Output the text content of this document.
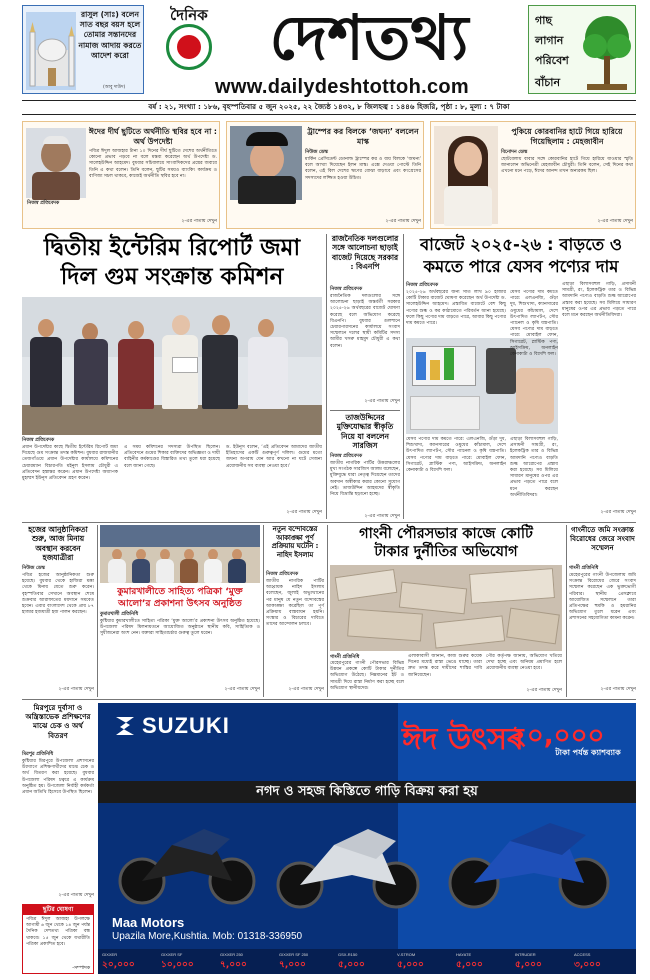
রাসুল (সাঃ) বলেন সাত বছর বয়স হলে তোমার সন্তানদের নামাজ আদায় করতে আদেশ করো
(আবু দাউদ)
দৈনিক দেশতথ্য
www.dailydeshtottoh.com
গাছ
লাগান
পরিবেশ
বাঁচান
বর্ষ : ২১, সংখ্যা : ১৮৬, বৃহস্পতিবার ৫ জুন ২০২৫, ২২ জ্যৈষ্ঠ ১৪৩২, ৮ জিলহজ্ব : ১৪৪৬ হিজরি, পৃষ্ঠা : ৮, মূল্য : ৭ টাকা
ঈদের দীর্ঘ ছুটিতে অর্থনীতি স্থবির হবে না : অর্থ উপদেষ্টা
নিজস্ব প্রতিবেদক
পবিত্র ঈদুল আজহার টানা ১০ দিনের দীর্ঘ ছুটিতে দেশের অর্থনীতিতে কোনো প্রভাব পড়বে না বলে মন্তব্য করেছেন অর্থ উপদেষ্টা ড. সালেহউদ্দিন আহমেদ। বুধবার সচিবালয়ে সাংবাদিকদের প্রশ্নের জবাবে তিনি এ কথা বলেন। তিনি বলেন, ছুটির সময়ও ব্যাংকিং কার্যক্রম ও বাণিজ্য সচল থাকবে, কাজেই অর্থনীতি স্থবির হবে না।
২-এর পাতায় দেখুন
ট্রাম্পের কর বিলকে ‘জঘন্য’ বললেন মাস্ক
নিউজ ডেস্ক
মার্কিন প্রেসিডেন্ট ডোনাল্ড ট্রাম্পের কর ও ব্যয় বিলকে ‘জঘন্য’ বলে আখ্যা দিয়েছেন ইলন মাস্ক। এক্সে দেওয়া পোস্টে তিনি বলেন, এই বিল দেশের ঋণের বোঝা বাড়াবে এবং কংগ্রেসের সদস্যদের লজ্জিত হওয়া উচিত।
২-এর পাতায় দেখুন
পুকিয়ে কোরবানির হাটে গিয়ে হারিয়ে গিয়েছিলাম : মেহজাবীন
বিনোদন ডেস্ক
ছোটবেলায় বাবার সঙ্গে কোরবানির হাটে গিয়ে হারিয়ে যাওয়ার স্মৃতি জানালেন অভিনেত্রী মেহজাবীন চৌধুরী। তিনি বলেন, সেই দিনের কথা এখনো মনে পড়ে, ঈদের আনন্দ তখন অন্যরকম ছিল।
২-এর পাতায় দেখুন
দ্বিতীয় ইন্টেরিম রিপোর্ট জমা
দিল গুম সংক্রান্ত কমিশন
নিজস্ব প্রতিবেদক
প্রধান উপদেষ্টার কাছে দ্বিতীয় ইন্টেরিম রিপোর্ট জমা দিয়েছে গুম সংক্রান্ত তদন্ত কমিশন। বুধবার রাজধানীর তেজগাঁওয়ে প্রধান উপদেষ্টার কার্যালয়ে কমিশনের চেয়ারম্যান বিচারপতি মইনুল ইসলাম চৌধুরী এ প্রতিবেদন হস্তান্তর করেন। প্রধান উপদেষ্টা অধ্যাপক মুহাম্মদ ইউনূস প্রতিবেদন গ্রহণ করেন।
এ সময় কমিশনের সদস্যরা উপস্থিত ছিলেন। প্রতিবেদনে গুমের শিকার ব্যক্তিদের অভিজ্ঞতা ও দায়ী বাহিনীর কর্মকাণ্ডের বিস্তারিত তথ্য তুলে ধরা হয়েছে বলে জানা গেছে।
ড. ইউনূস বলেন, ‘এই প্রতিবেদন আমাদের জাতীয় ইতিহাসের একটি গুরুত্বপূর্ণ দলিল। গুমের মতো জঘন্য অপরাধ যেন আর কখনো না ঘটে সেজন্য প্রয়োজনীয় সব ব্যবস্থা নেওয়া হবে।’
২-এর পাতায় দেখুন
রাজনৈতিক দলগুলোর সঙ্গে আলোচনা ছাড়াই বাজেট দিয়েছে সরকার : বিএনপি
নিজস্ব প্রতিবেদক
রাজনৈতিক দলগুলোর সঙ্গে আলোচনা ছাড়াই অন্তর্বর্তী সরকার ২০২৫-২৬ অর্থবছরের বাজেট ঘোষণা করেছে বলে অভিযোগ করেছে বিএনপি। বুধবার গুলশানে চেয়ারপারসনের কার্যালয়ে সংবাদ সম্মেলনে দলের স্থায়ী কমিটির সদস্য আমীর খসরু মাহমুদ চৌধুরী এ কথা বলেন।
২-এর পাতায় দেখুন
তাজউদ্দিনের মুক্তিযোদ্ধার স্বীকৃতি নিয়ে যা বললেন সারজিস
নিজস্ব প্রতিবেদক
জাতীয় নাগরিক পার্টির উত্তরাঞ্চলের মুখ্য সংগঠক সারজিস আলম বলেছেন, মুক্তিযুদ্ধে যারা নেতৃত্ব দিয়েছেন তাদের অবদান অস্বীকার করার কোনো সুযোগ নেই। তাজউদ্দিন আহমদের স্বীকৃতি নিয়ে বিভ্রান্তি ছড়ানো হচ্ছে।
২-এর পাতায় দেখুন
বাজেট ২০২৫-২৬ : বাড়তে ও
কমতে পারে যেসব পণ্যের দাম
নিজস্ব প্রতিবেদক
২০২৫-২৬ অর্থবছরের জন্য সাত লাখ ৯০ হাজার কোটি টাকার বাজেট ঘোষণা করেছেন অর্থ উপদেষ্টা ড. সালেহউদ্দিন আহমেদ। প্রস্তাবিত বাজেটে বেশ কিছু পণ্যের শুল্ক ও কর কাঠামোতে পরিবর্তন আনা হয়েছে। ফলে কিছু পণ্যের দাম বাড়তে পারে, আবার কিছু পণ্যের দাম কমতে পারে।
যেসব পণ্যের দাম কমতে পারে: এলএনজি, গুঁড়া দুধ, শিশুখাদ্য, ক্যানসারের ওষুধের কাঁচামাল, দেশে উৎপাদিত ল্যাপটপ, সৌর প্যানেল ও কৃষি যন্ত্রপাতি। যেসব পণ্যের দাম বাড়তে পারে: মোবাইল ফোন, সিগারেট, প্লাস্টিক পণ্য, আইসক্রিম, অনলাইন কেনাকাটা ও বিদেশি ফল।
এছাড়া বিলাসবহুল গাড়ি, প্রসাধনী সামগ্রী, রং, ইলেকট্রিক তার ও বিভিন্ন আমদানি পণ্যেও বাড়তি শুল্ক আরোপের প্রস্তাব করা হয়েছে। সব মিলিয়ে সাধারণ মানুষের ওপর এর প্রভাব পড়তে পারে বলে মনে করছেন অর্থনীতিবিদরা।
যেসব পণ্যের দাম কমতে পারে: এলএনজি, গুঁড়া দুধ, শিশুখাদ্য, ক্যানসারের ওষুধের কাঁচামাল, দেশে উৎপাদিত ল্যাপটপ, সৌর প্যানেল ও কৃষি যন্ত্রপাতি। যেসব পণ্যের দাম বাড়তে পারে: মোবাইল ফোন, সিগারেট, প্লাস্টিক পণ্য, আইসক্রিম, অনলাইন কেনাকাটা ও বিদেশি ফল।
এছাড়া বিলাসবহুল গাড়ি, প্রসাধনী সামগ্রী, রং, ইলেকট্রিক তার ও বিভিন্ন আমদানি পণ্যেও বাড়তি শুল্ক আরোপের প্রস্তাব করা হয়েছে। সব মিলিয়ে সাধারণ মানুষের ওপর এর প্রভাব পড়তে পারে বলে মনে করছেন অর্থনীতিবিদরা।
২-এর পাতায় দেখুন
হজের আনুষ্ঠানিকতা শুরু, আজ মিনায় অবস্থান করবেন হজযাত্রীরা
নিউজ ডেস্ক
পবিত্র হজের আনুষ্ঠানিকতা শুরু হয়েছে। বুধবার থেকে হাজিরা মক্কা থেকে মিনায় যেতে শুরু করেন। বৃহস্পতিবার সেখানে অবস্থান শেষে শুক্রবার আরাফাতের ময়দানে সমবেত হবেন। এবার বাংলাদেশ থেকে প্রায় ৮৭ হাজার হজযাত্রী হজ পালন করছেন।
২-এর পাতায় দেখুন
কুমারখালীতে সাহিত্য পত্রিকা ‘মুক্ত আলো’র প্রকাশনা উৎসব অনুষ্ঠিত
কুমারখালী প্রতিনিধি
কুষ্টিয়ার কুমারখালীতে সাহিত্য পত্রিকা ‘মুক্ত আলো’র প্রকাশনা উৎসব অনুষ্ঠিত হয়েছে। উপজেলা পরিষদ মিলনায়তনে আয়োজিত অনুষ্ঠানে স্থানীয় কবি, সাহিত্যিক ও সুধীজনেরা অংশ নেন। বক্তারা সাহিত্যচর্চার গুরুত্ব তুলে ধরেন।
২-এর পাতায় দেখুন
নতুন বন্দোবস্তের আকাঙ্ক্ষা পূর্ণ প্রক্রিয়ায় ঘটেনি : নাহিদ ইসলাম
নিজস্ব প্রতিবেদক
জাতীয় নাগরিক পার্টির আহ্বায়ক নাহিদ ইসলাম বলেছেন, জুলাই অভ্যুত্থানের পর মানুষ যে নতুন বন্দোবস্তের আকাঙ্ক্ষা করেছিল তা পূর্ণ প্রক্রিয়ায় বাস্তবায়ন হয়নি। সংস্কার ও বিচারের দাবিতে তাদের আন্দোলন চলবে।
২-এর পাতায় দেখুন
গাংনী পৌরসভার কাজে কোটি
টাকার দুর্নীতির অভিযোগ
গাংনী প্রতিনিধি
মেহেরপুরের গাংনী পৌরসভার বিভিন্ন উন্নয়ন প্রকল্পে কোটি টাকার দুর্নীতির অভিযোগ উঠেছে। নিম্নমানের ইট ও সামগ্রী দিয়ে রাস্তা নির্মাণ করা হচ্ছে বলে অভিযোগ স্থানীয়দের।
এলাকাবাসী জানান, কাজ শুরুর কয়েক দিনের মধ্যেই রাস্তা ভেঙে যাচ্ছে। তারা দ্রুত তদন্ত করে দায়ীদের শাস্তির দাবি জানিয়েছেন।
পৌর কর্তৃপক্ষ জানায়, অভিযোগ খতিয়ে দেখা হচ্ছে এবং অনিয়ম প্রমাণিত হলে প্রয়োজনীয় ব্যবস্থা নেওয়া হবে।
২-এর পাতায় দেখুন
গাংনীতে জমি সংক্রান্ত বিরোধের জেরে সংবাদ সম্মেলন
গাংনী প্রতিনিধি
মেহেরপুরের গাংনী উপজেলায় জমি সংক্রান্ত বিরোধের জেরে সংবাদ সম্মেলন করেছেন এক ভুক্তভোগী পরিবার। স্থানীয় প্রেসক্লাবে আয়োজিত সম্মেলনে তারা প্রতিপক্ষের হুমকি ও হয়রানির অভিযোগ তুলে ধরেন এবং প্রশাসনের সহযোগিতা কামনা করেন।
২-এর পাতায় দেখুন
মিরপুরে দুর্বাসা ও অন্ত্রিস্তাভেক প্রশিক্ষণের মাঝে চেক ও অর্থ বিতরণ
মিরপুর প্রতিনিধি
কুষ্টিয়ার মিরপুরে উপজেলা প্রশাসনের উদ্যোগে প্রশিক্ষণার্থীদের মাঝে চেক ও অর্থ বিতরণ করা হয়েছে। বুধবার উপজেলা পরিষদ চত্বরে এ কার্যক্রম অনুষ্ঠিত হয়। উপজেলা নির্বাহী কর্মকর্তা প্রধান অতিথি হিসেবে উপস্থিত ছিলেন।
২-এর পাতায় দেখুন
ছুটির ঘোষণা
পবিত্র ঈদুল আজহা উপলক্ষে আগামী ৬ জুন থেকে ১৪ জুন পর্যন্ত দৈনিক দেশতথ্য পত্রিকা বন্ধ থাকবে। ১৫ জুন থেকে যথারীতি পত্রিকা প্রকাশিত হবে।
-সম্পাদক
SUZUKI	ঈদ উৎসব
২০,০০০
টাকা পর্যন্ত ক্যাশব্যাক
নগদ ও সহজ কিস্তিতে গাড়ি বিক্রয় করা হয়
Maa Motors
Upazila More,Kushtia. Mob: 01318-336950
GIXXER
২০,০০০
GIXXER SF
১০,০০০
GIXXER 250
৭,০০০
GIXXER SF 250
৭,০০০
GSX-R150
৫,০০০
V-STROM
৫,০০০
HAYATE
৫,০০০
INTRUDER
৫,০০০
ACCESS
৩,০০০
